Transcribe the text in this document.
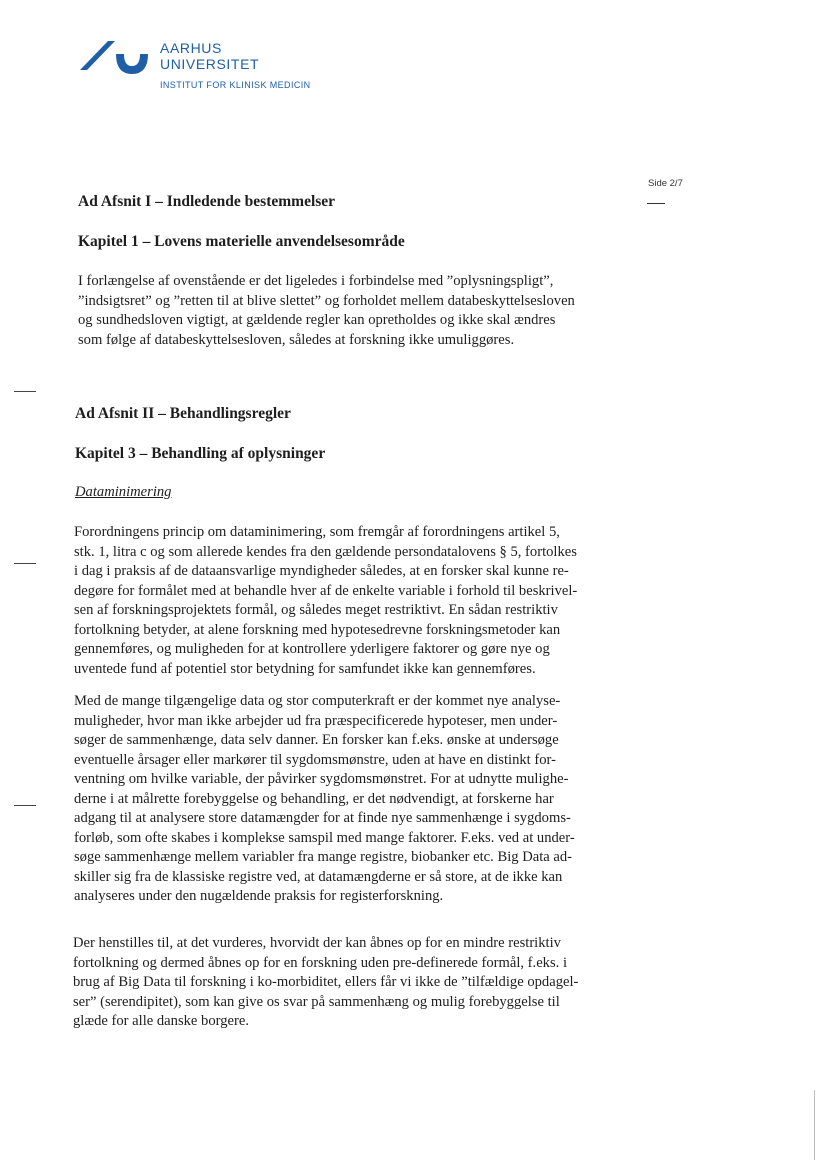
AARHUS
UNIVERSITET
INSTITUT FOR KLINISK MEDICIN
Side 2/7
Ad Afsnit I – Indledende bestemmelser
Kapitel 1 – Lovens materielle anvendelsesområde
I forlængelse af ovenstående er det ligeledes i forbindelse med ”oplysningspligt”,
”indsigtsret” og ”retten til at blive slettet” og forholdet mellem databeskyttelsesloven
og sundhedsloven vigtigt, at gældende regler kan opretholdes og ikke skal ændres
som følge af databeskyttelsesloven, således at forskning ikke umuliggøres.
Ad Afsnit II – Behandlingsregler
Kapitel 3 – Behandling af oplysninger
Dataminimering
Forordningens princip om dataminimering, som fremgår af forordningens artikel 5,
stk. 1, litra c og som allerede kendes fra den gældende persondatalovens § 5, fortolkes
i dag i praksis af de dataansvarlige myndigheder således, at en forsker skal kunne re-
degøre for formålet med at behandle hver af de enkelte variable i forhold til beskrivel-
sen af forskningsprojektets formål, og således meget restriktivt. En sådan restriktiv
fortolkning betyder, at alene forskning med hypotesedrevne forskningsmetoder kan
gennemføres, og muligheden for at kontrollere yderligere faktorer og gøre nye og
uventede fund af potentiel stor betydning for samfundet ikke kan gennemføres.
Med de mange tilgængelige data og stor computerkraft er der kommet nye analyse-
muligheder, hvor man ikke arbejder ud fra præspecificerede hypoteser, men under-
søger de sammenhænge, data selv danner. En forsker kan f.eks. ønske at undersøge
eventuelle årsager eller markører til sygdomsmønstre, uden at have en distinkt for-
ventning om hvilke variable, der påvirker sygdomsmønstret. For at udnytte mulighe-
derne i at målrette forebyggelse og behandling, er det nødvendigt, at forskerne har
adgang til at analysere store datamængder for at finde nye sammenhænge i sygdoms-
forløb, som ofte skabes i komplekse samspil med mange faktorer. F.eks. ved at under-
søge sammenhænge mellem variabler fra mange registre, biobanker etc. Big Data ad-
skiller sig fra de klassiske registre ved, at datamængderne er så store, at de ikke kan
analyseres under den nugældende praksis for registerforskning.
Der henstilles til, at det vurderes, hvorvidt der kan åbnes op for en mindre restriktiv
fortolkning og dermed åbnes op for en forskning uden pre-definerede formål, f.eks. i
brug af Big Data til forskning i ko-morbiditet, ellers får vi ikke de ”tilfældige opdagel-
ser” (serendipitet), som kan give os svar på sammenhæng og mulig forebyggelse til
glæde for alle danske borgere.
